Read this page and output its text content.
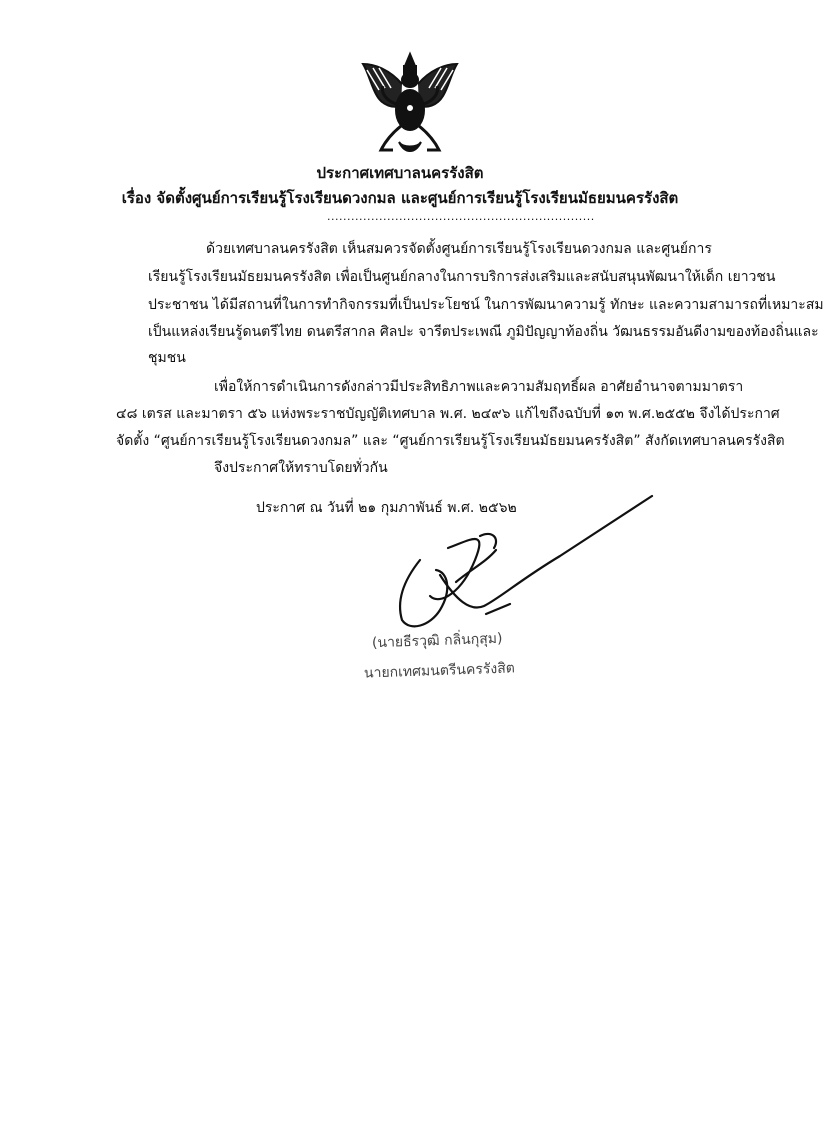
ประกาศเทศบาลนครรังสิต
เรื่อง จัดตั้งศูนย์การเรียนรู้โรงเรียนดวงกมล และศูนย์การเรียนรู้โรงเรียนมัธยมนครรังสิต
...................................................................
ด้วยเทศบาลนครรังสิต เห็นสมควรจัดตั้งศูนย์การเรียนรู้โรงเรียนดวงกมล และศูนย์การ
เรียนรู้โรงเรียนมัธยมนครรังสิต เพื่อเป็นศูนย์กลางในการบริการส่งเสริมและสนับสนุนพัฒนาให้เด็ก เยาวชน
ประชาชน ได้มีสถานที่ในการทำกิจกรรมที่เป็นประโยชน์ ในการพัฒนาความรู้ ทักษะ และความสามารถที่เหมาะสม
เป็นแหล่งเรียนรู้ดนตรีไทย ดนตรีสากล ศิลปะ จารีตประเพณี ภูมิปัญญาท้องถิ่น วัฒนธรรมอันดีงามของท้องถิ่นและ
ชุมชน
เพื่อให้การดำเนินการดังกล่าวมีประสิทธิภาพและความสัมฤทธิ์ผล อาศัยอำนาจตามมาตรา
๔๘ เตรส และมาตรา ๕๖ แห่งพระราชบัญญัติเทศบาล พ.ศ. ๒๔๙๖ แก้ไขถึงฉบับที่ ๑๓ พ.ศ.๒๕๕๒ จึงได้ประกาศ
จัดตั้ง “ศูนย์การเรียนรู้โรงเรียนดวงกมล” และ “ศูนย์การเรียนรู้โรงเรียนมัธยมนครรังสิต” สังกัดเทศบาลนครรังสิต
จึงประกาศให้ทราบโดยทั่วกัน
ประกาศ ณ วันที่ ๒๑ กุมภาพันธ์ พ.ศ. ๒๕๖๒
(นายธีรวุฒิ กลิ่นกุสุม)
นายกเทศมนตรีนครรังสิต
